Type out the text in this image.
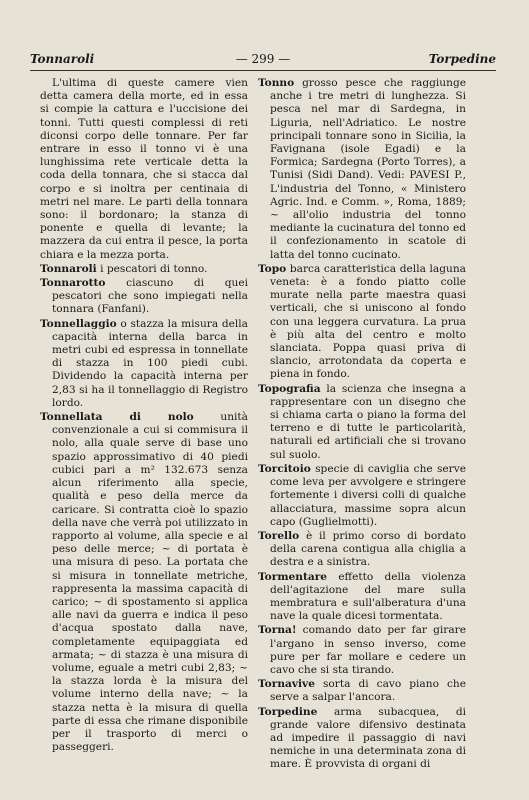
Tonnaroli	— 299 —	Torpedine

L'ultima di queste camere vien detta camera della morte, ed in essa si compie la cattura e l'uccisione dei tonni. Tutti questi complessi di reti diconsi corpo delle tonnare. Per far entrare in esso il tonno vi è una lunghissima rete verticale detta la coda della tonnara, che si stacca dal corpo e si inoltra per centinaia di metri nel mare. Le parti della tonnara sono: il bordonaro; la stanza di ponente e quella di levante; la mazzera da cui entra il pesce, la porta chiara e la mezza porta.

Tonnaroli i pescatori di tonno.

Tonnarotto ciascuno di quei pescatori che sono impiegati nella tonnara (Fanfani).

Tonnellaggio o stazza la misura della capacità interna della barca in metri cubi ed espressa in tonnellate di stazza in 100 piedi cubi. Dividendo la capacità interna per 2,83 si ha il tonnellaggio di Registro lordo.

Tonnellata di nolo unità convenzionale a cui si commisura il nolo, alla quale serve di base uno spazio approssimativo di 40 piedi cubici pari a m² 132.673 senza alcun riferimento alla specie, qualità e peso della merce da caricare. Si contratta cioè lo spazio della nave che verrà poi utilizzato in rapporto al volume, alla specie e al peso delle merce; ~ di portata è una misura di peso. La portata che si misura in tonnellate metriche, rappresenta la massima capacità di carico; ~ di spostamento si applica alle navi da guerra e indica il peso d'acqua spostato dalla nave, completamente equipaggiata ed armata; ~ di stazza è una misura di volume, eguale a metri cubi 2,83; ~ la stazza lorda è la misura del volume interno della nave; ~ la stazza netta è la misura di quella parte di essa che rimane disponibile per il trasporto di merci o passeggeri.

Tonno grosso pesce che raggiunge anche i tre metri di lunghezza. Si pesca nel mar di Sardegna, in Liguria, nell'Adriatico. Le nostre principali tonnare sono in Sicilia, la Favignana (isole Egadi) e la Formica; Sardegna (Porto Torres), a Tunisi (Sidi Dand). Vedi: PAVESI P., L'industria del Tonno, « Ministero Agric. Ind. e Comm. », Roma, 1889; ~ all'olio industria del tonno mediante la cucinatura del tonno ed il confezionamento in scatole di latta del tonno cucinato.

Topo barca caratteristica della laguna veneta: è a fondo piatto colle murate nella parte maestra quasi verticali, che si uniscono al fondo con una leggera curvatura. La prua è più alta del centro e molto slanciata. Poppa quasi priva di slancio, arrotondata da coperta e piena in fondo.

Topografia la scienza che insegna a rappresentare con un disegno che si chiama carta o piano la forma del terreno e di tutte le particolarità, naturali ed artificiali che si trovano sul suolo.

Torcitoio specie di caviglia che serve come leva per avvolgere e stringere fortemente i diversi colli di qualche allacciatura, massime sopra alcun capo (Guglielmotti).

Torello è il primo corso di bordato della carena contigua alla chiglia a destra e a sinistra.

Tormentare effetto della violenza dell'agitazione del mare sulla membratura e sull'alberatura d'una nave la quale dicesi tormentata.

Torna! comando dato per far girare l'argano in senso inverso, come pure per far mollare e cedere un cavo che si sta tirando.

Tornavive sorta di cavo piano che serve a salpar l'ancora.

Torpedine arma subacquea, di grande valore difensivo destinata ad impedire il passaggio di navi nemiche in una determinata zona di mare. È provvista di organi di
